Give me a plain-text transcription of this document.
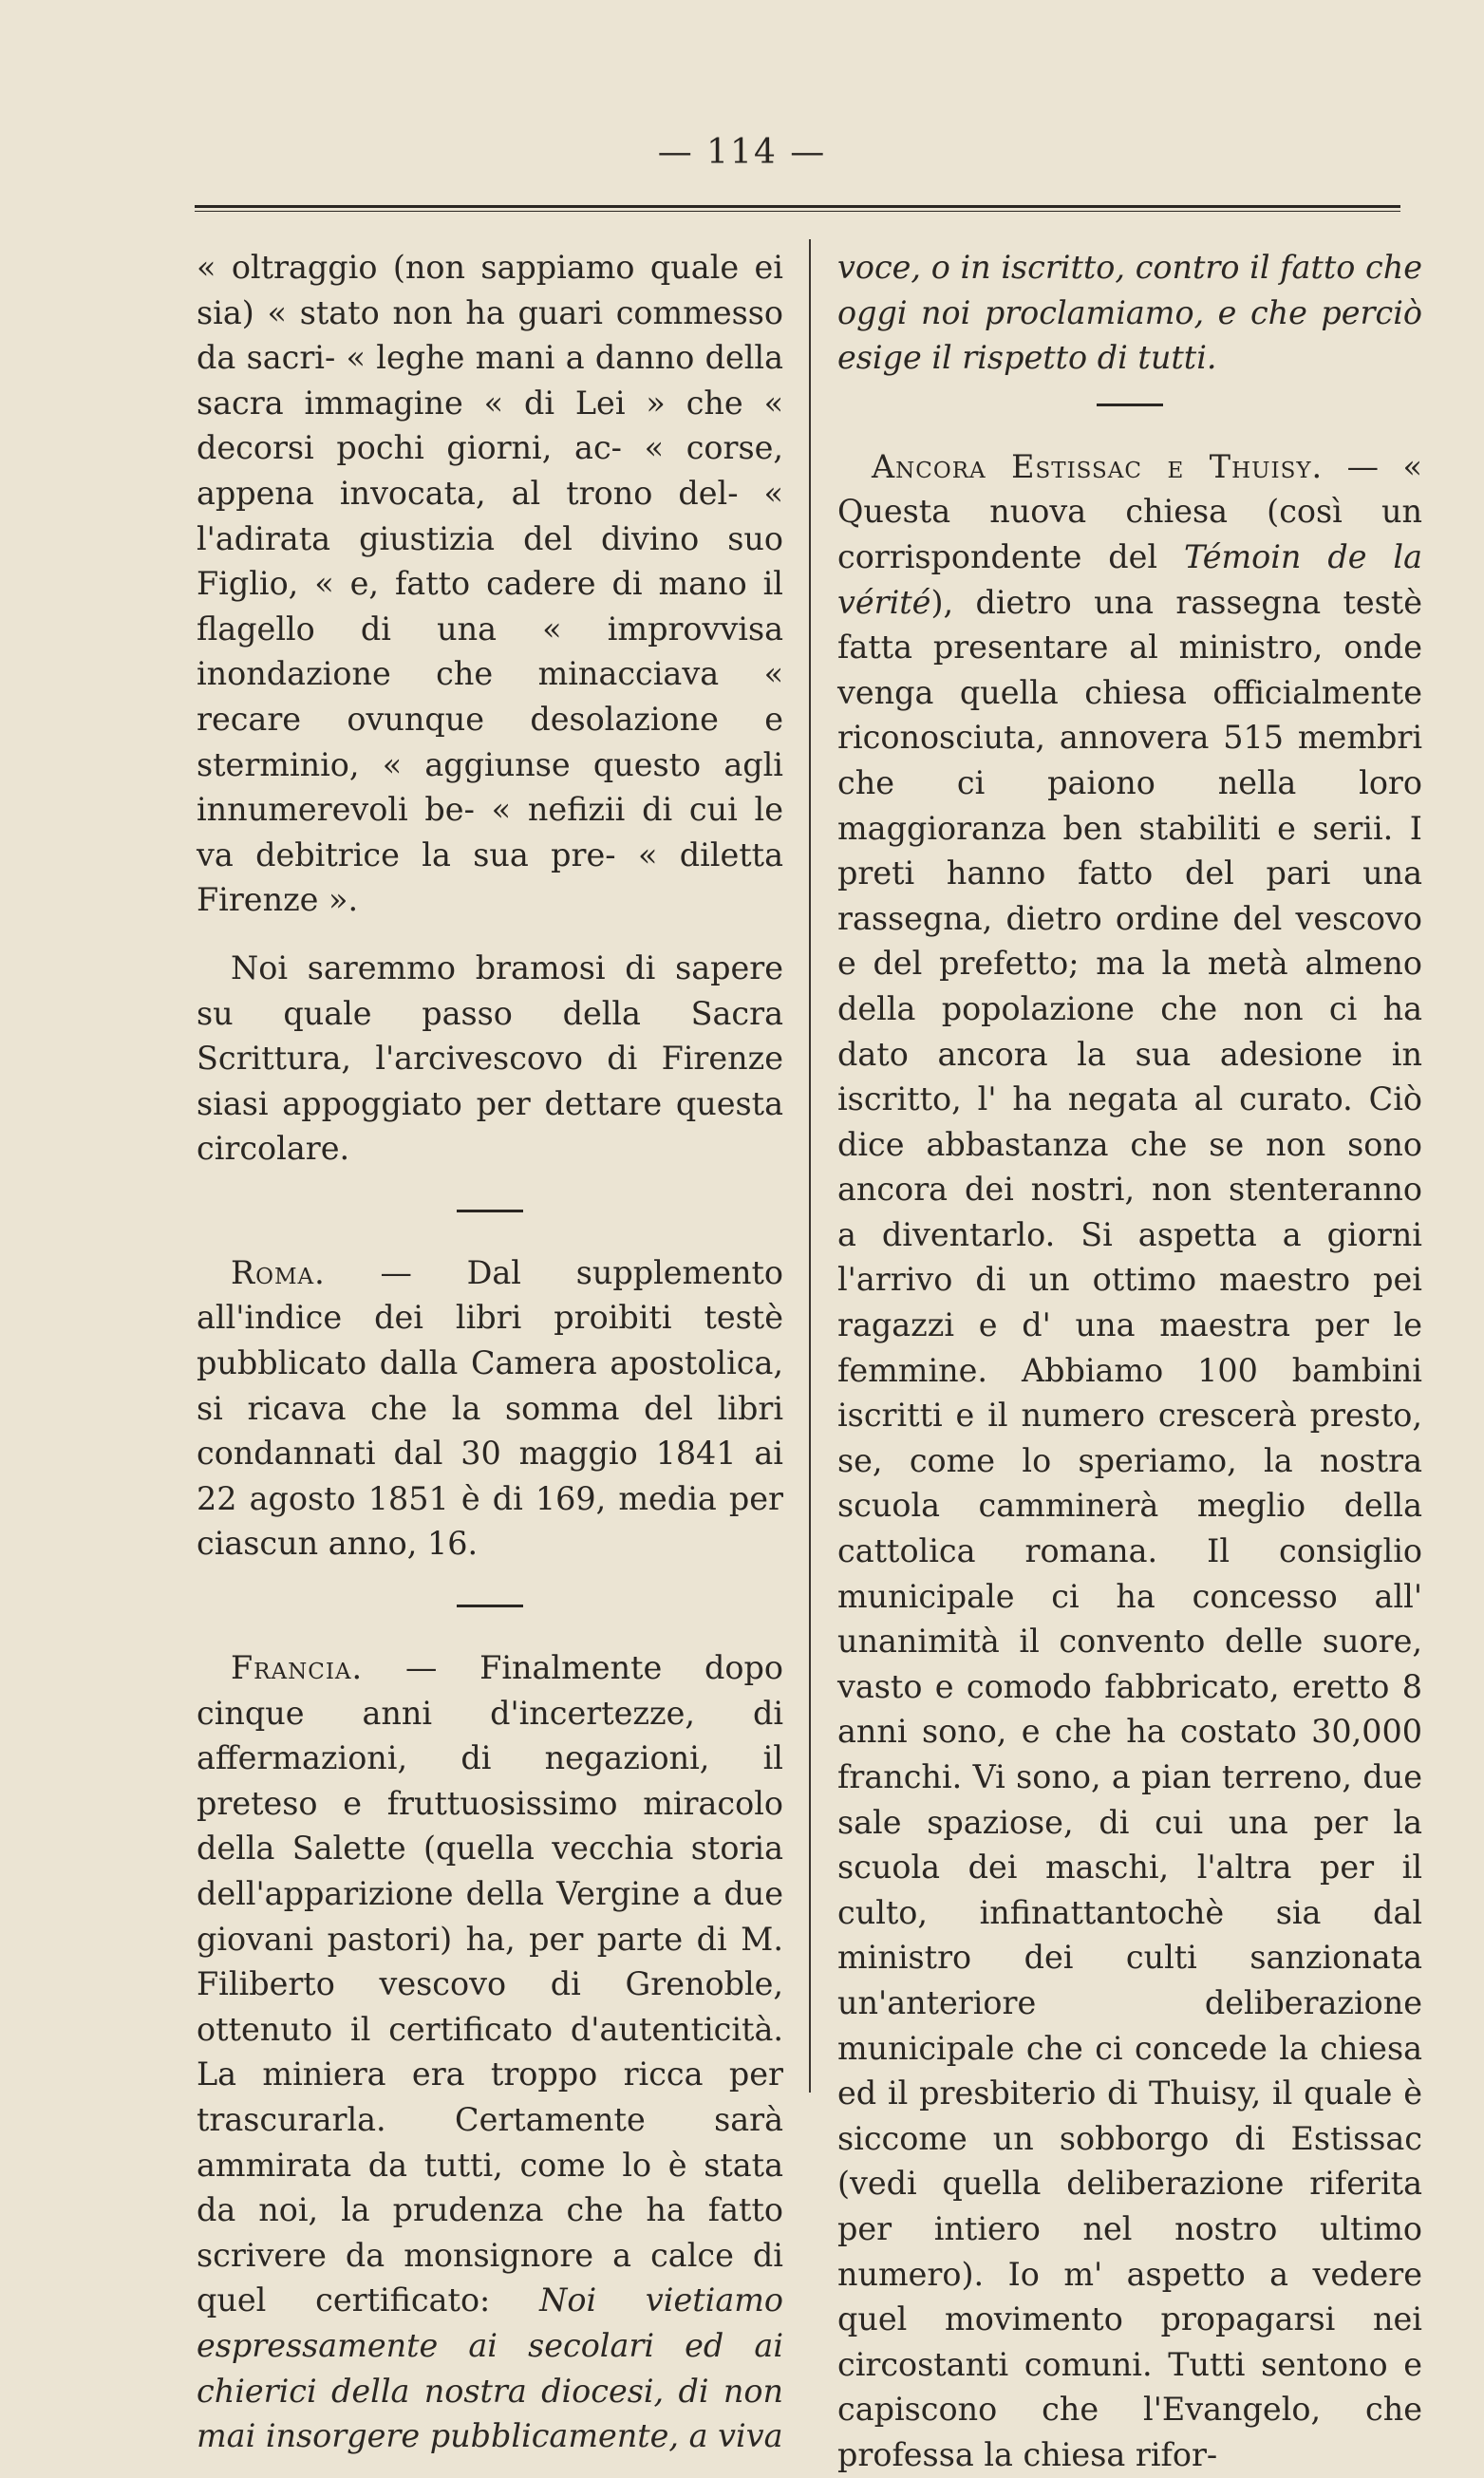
— 114 —

« oltraggio (non sappiamo quale ei sia) « stato non ha guari commesso da sacri- « leghe mani a danno della sacra immagine « di Lei » che « decorsi pochi giorni, ac- « corse, appena invocata, al trono del- « l'adirata giustizia del divino suo Figlio, « e, fatto cadere di mano il flagello di una « improvvisa inondazione che minacciava « recare ovunque desolazione e sterminio, « aggiunse questo agli innumerevoli be- « nefizii di cui le va debitrice la sua pre- « diletta Firenze ».

Noi saremmo bramosi di sapere su quale passo della Sacra Scrittura, l'arcivescovo di Firenze siasi appoggiato per dettare questa circolare.

Roma. — Dal supplemento all'indice dei libri proibiti testè pubblicato dalla Camera apostolica, si ricava che la somma del libri condannati dal 30 maggio 1841 ai 22 agosto 1851 è di 169, media per ciascun anno, 16.

Francia. — Finalmente dopo cinque anni d'incertezze, di affermazioni, di negazioni, il preteso e fruttuosissimo miracolo della Salette (quella vecchia storia dell'apparizione della Vergine a due giovani pastori) ha, per parte di M. Filiberto vescovo di Grenoble, ottenuto il certificato d'autenticità. La miniera era troppo ricca per trascurarla. Certamente sarà ammirata da tutti, come lo è stata da noi, la prudenza che ha fatto scrivere da monsignore a calce di quel certificato: Noi vietiamo espressamente ai secolari ed ai chierici della nostra diocesi, di non mai insorgere pubblicamente, a viva

voce, o in iscritto, contro il fatto che oggi noi proclamiamo, e che perciò esige il rispetto di tutti.

Ancora Estissac e Thuisy. — « Questa nuova chiesa (così un corrispondente del Témoin de la vérité), dietro una rassegna testè fatta presentare al ministro, onde venga quella chiesa officialmente riconosciuta, annovera 515 membri che ci paiono nella loro maggioranza ben stabiliti e serii. I preti hanno fatto del pari una rassegna, dietro ordine del vescovo e del prefetto; ma la metà almeno della popolazione che non ci ha dato ancora la sua adesione in iscritto, l' ha negata al curato. Ciò dice abbastanza che se non sono ancora dei nostri, non stenteranno a diventarlo. Si aspetta a giorni l'arrivo di un ottimo maestro pei ragazzi e d' una maestra per le femmine. Abbiamo 100 bambini iscritti e il numero crescerà presto, se, come lo speriamo, la nostra scuola camminerà meglio della cattolica romana. Il consiglio municipale ci ha concesso all' unanimità il convento delle suore, vasto e comodo fabbricato, eretto 8 anni sono, e che ha costato 30,000 franchi. Vi sono, a pian terreno, due sale spaziose, di cui una per la scuola dei maschi, l'altra per il culto, infinattantochè sia dal ministro dei culti sanzionata un'anteriore deliberazione municipale che ci concede la chiesa ed il presbiterio di Thuisy, il quale è siccome un sobborgo di Estissac (vedi quella deliberazione riferita per intiero nel nostro ultimo numero). Io m' aspetto a vedere quel movimento propagarsi nei circostanti comuni. Tutti sentono e capiscono che l'Evangelo, che professa la chiesa rifor-
